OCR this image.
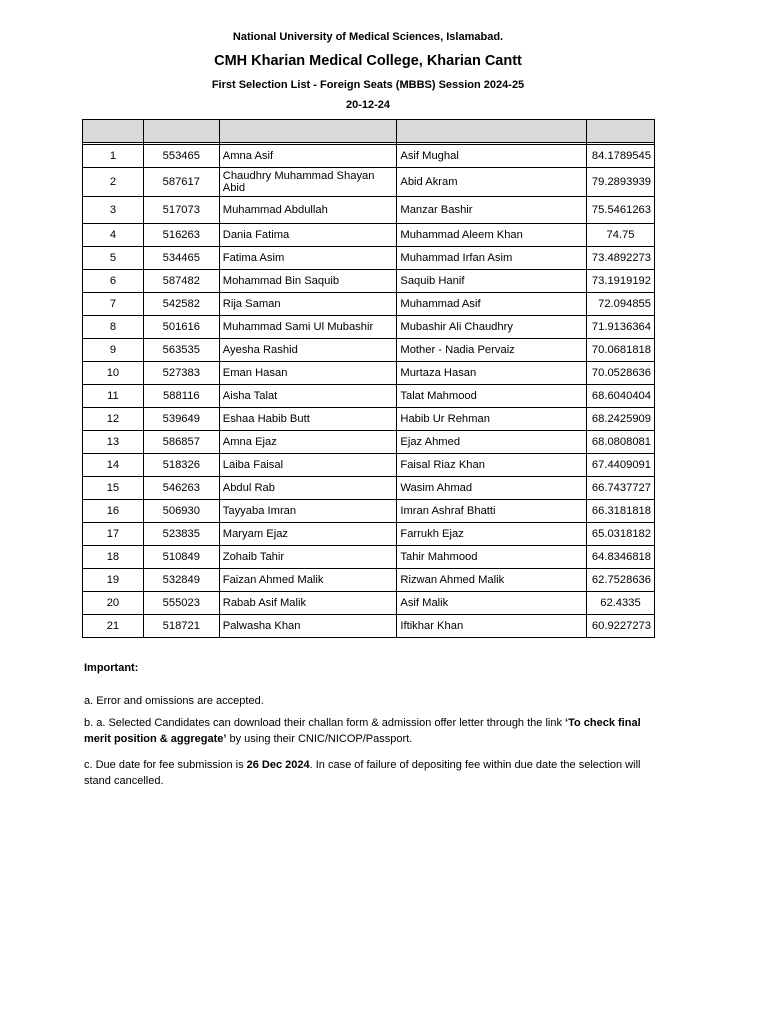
National University of Medical Sciences, Islamabad.
CMH Kharian Medical College, Kharian Cantt
First Selection List - Foreign Seats (MBBS) Session 2024-25
20-12-24

1	553465	Amna Asif	Asif Mughal	84.1789545
2	587617	Chaudhry Muhammad Shayan Abid	Abid Akram	79.2893939
3	517073	Muhammad Abdullah	Manzar Bashir	75.5461263
4	516263	Dania Fatima	Muhammad Aleem Khan	74.75
5	534465	Fatima Asim	Muhammad Irfan Asim	73.4892273
6	587482	Mohammad Bin Saquib	Saquib Hanif	73.1919192
7	542582	Rija Saman	Muhammad Asif	72.094855
8	501616	Muhammad Sami Ul Mubashir	Mubashir Ali Chaudhry	71.9136364
9	563535	Ayesha Rashid	Mother - Nadia Pervaiz	70.0681818
10	527383	Eman Hasan	Murtaza Hasan	70.0528636
11	588116	Aisha Talat	Talat Mahmood	68.6040404
12	539649	Eshaa Habib Butt	Habib Ur Rehman	68.2425909
13	586857	Amna Ejaz	Ejaz Ahmed	68.0808081
14	518326	Laiba Faisal	Faisal Riaz Khan	67.4409091
15	546263	Abdul Rab	Wasim Ahmad	66.7437727
16	506930	Tayyaba Imran	Imran Ashraf Bhatti	66.3181818
17	523835	Maryam Ejaz	Farrukh Ejaz	65.0318182
18	510849	Zohaib Tahir	Tahir Mahmood	64.8346818
19	532849	Faizan Ahmed Malik	Rizwan Ahmed Malik	62.7528636
20	555023	Rabab Asif Malik	Asif Malik	62.4335
21	518721	Palwasha Khan	Iftikhar Khan	60.9227273
Important:
a. Error and omissions are accepted.
b. a. Selected Candidates can download their challan form & admission offer letter through the link ‘To check final merit position & aggregate’ by using their CNIC/NICOP/Passport.
c. Due date for fee submission is 26 Dec 2024. In case of failure of depositing fee within due date the selection will stand cancelled.
